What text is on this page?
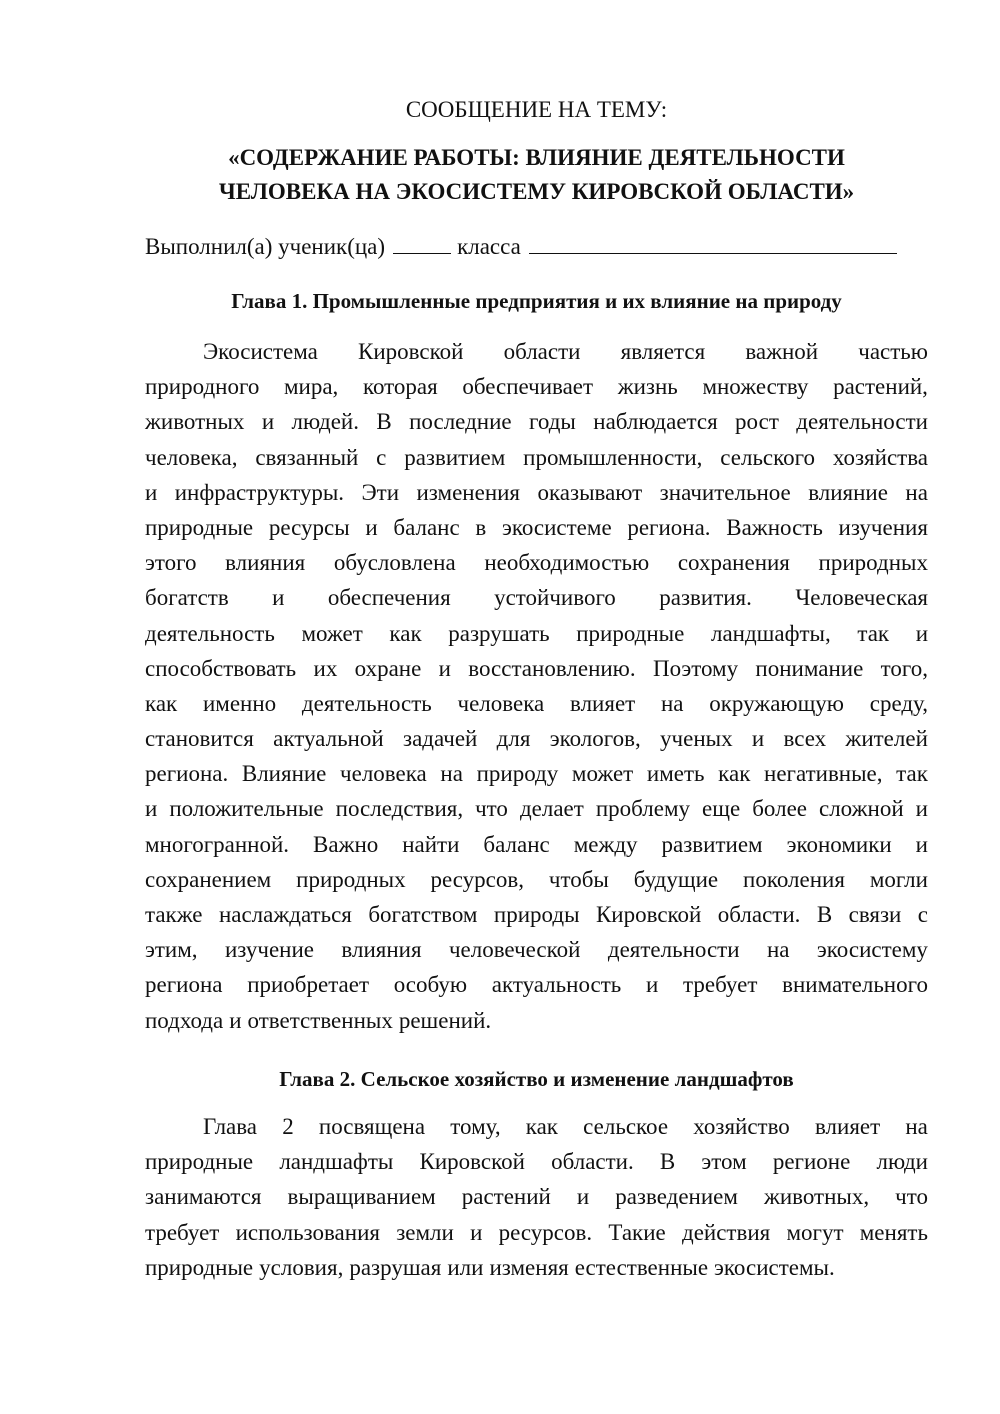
СООБЩЕНИЕ НА ТЕМУ:
«СОДЕРЖАНИЕ РАБОТЫ: ВЛИЯНИЕ ДЕЯТЕЛЬНОСТИ
ЧЕЛОВЕКА НА ЭКОСИСТЕМУ КИРОВСКОЙ ОБЛАСТИ»
Выполнил(а) ученик(ца)	класса
Глава 1. Промышленные предприятия и их влияние на природу
Экосистема Кировской области является важной частью
природного мира, которая обеспечивает жизнь множеству растений,
животных и людей. В последние годы наблюдается рост деятельности
человека, связанный с развитием промышленности, сельского хозяйства
и инфраструктуры. Эти изменения оказывают значительное влияние на
природные ресурсы и баланс в экосистеме региона. Важность изучения
этого влияния обусловлена необходимостью сохранения природных
богатств и обеспечения устойчивого развития. Человеческая
деятельность может как разрушать природные ландшафты, так и
способствовать их охране и восстановлению. Поэтому понимание того,
как именно деятельность человека влияет на окружающую среду,
становится актуальной задачей для экологов, ученых и всех жителей
региона. Влияние человека на природу может иметь как негативные, так
и положительные последствия, что делает проблему еще более сложной и
многогранной. Важно найти баланс между развитием экономики и
сохранением природных ресурсов, чтобы будущие поколения могли
также наслаждаться богатством природы Кировской области. В связи с
этим, изучение влияния человеческой деятельности на экосистему
региона приобретает особую актуальность и требует внимательного
подхода и ответственных решений.
Глава 2. Сельское хозяйство и изменение ландшафтов
Глава 2 посвящена тому, как сельское хозяйство влияет на
природные ландшафты Кировской области. В этом регионе люди
занимаются выращиванием растений и разведением животных, что
требует использования земли и ресурсов. Такие действия могут менять
природные условия, разрушая или изменяя естественные экосистемы.
